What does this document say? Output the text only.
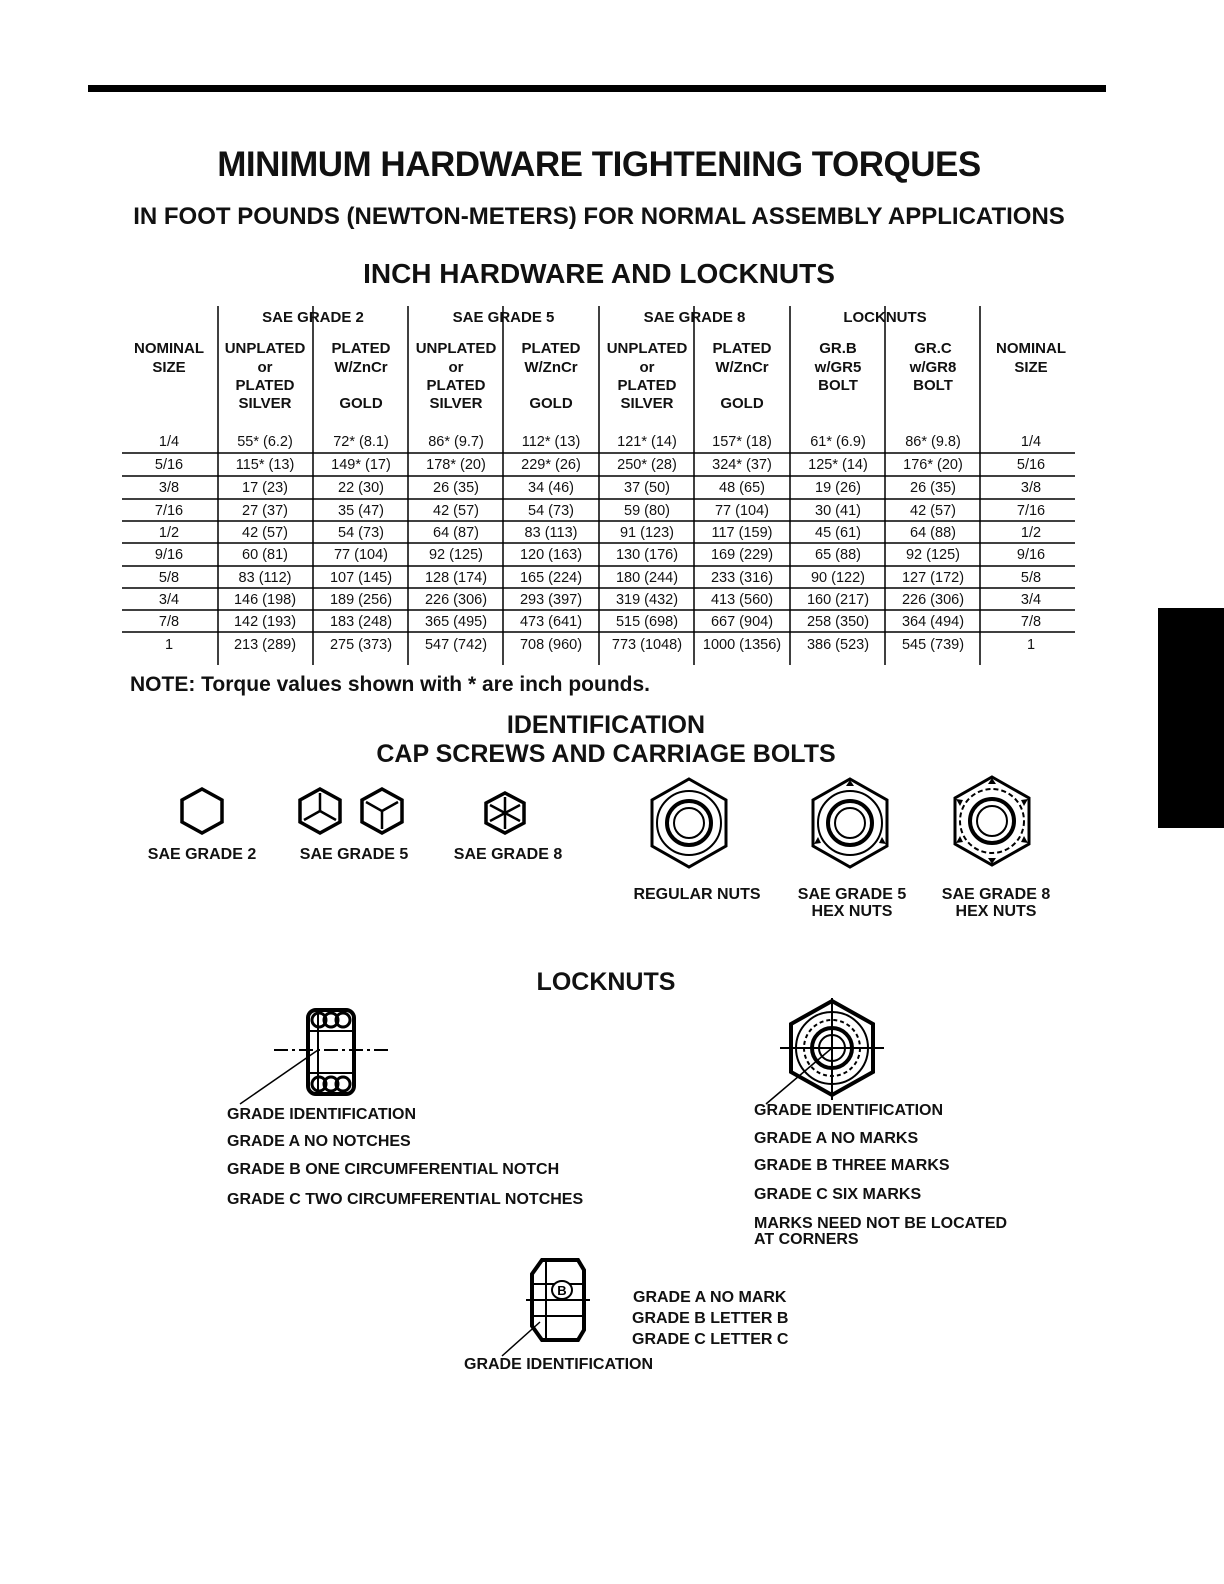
MINIMUM HARDWARE TIGHTENING TORQUES
IN FOOT POUNDS (NEWTON-METERS) FOR NORMAL ASSEMBLY APPLICATIONS
INCH HARDWARE AND LOCKNUTS
SAE GRADE 2	SAE GRADE 5	SAE GRADE 8	LOCKNUTS
NOMINAL
SIZE
UNPLATED
or
PLATED
SILVER
PLATED
W/ZnCr
GOLD
UNPLATED
or
PLATED
SILVER
PLATED
W/ZnCr
GOLD
UNPLATED
or
PLATED
SILVER
PLATED
W/ZnCr
GOLD
GR.B
w/GR5
BOLT
GR.C
w/GR8
BOLT
NOMINAL
SIZE
1/4	55* (6.2)	72* (8.1)	86* (9.7)	112* (13)	121* (14) 157* (18)	61* (6.9)	86* (9.8)	1/4
5/16	115* (13)	149* (17) 178* (20) 229* (26)	250* (28) 324* (37)	125* (14) 176* (20)	5/16
3/8	17 (23)	22 (30)	26 (35)	34 (46)	37 (50)	48 (65)	19 (26)	26 (35)	3/8
7/16	27 (37)	35 (47)	42 (57)	54 (73)	59 (80)	77 (104)	30 (41)	42 (57)	7/16
1/2	42 (57)	54 (73)	64 (87)	83 (113)	91 (123)	117 (159)	45 (61)	64 (88)	1/2
9/16	60 (81)	77 (104)	92 (125)	120 (163) 130 (176) 169 (229)	65 (88)	92 (125)	9/16
5/8	83 (112)	107 (145) 128 (174) 165 (224) 180 (244) 233 (316)	90 (122)	127 (172)	5/8
3/4	146 (198) 189 (256) 226 (306) 293 (397) 319 (432) 413 (560) 160 (217) 226 (306)	3/4
7/8	142 (193) 183 (248) 365 (495) 473 (641) 515 (698) 667 (904) 258 (350) 364 (494)	7/8
1	213 (289) 275 (373) 547 (742) 708 (960) 773 (1048) 1000 (1356) 386 (523) 545 (739)	1
NOTE: Torque values shown with * are inch pounds.
IDENTIFICATION
CAP SCREWS AND CARRIAGE BOLTS
SAE GRADE 2	SAE GRADE 5	SAE GRADE 8
REGULAR NUTS	SAE GRADE 5
HEX NUTS
SAE GRADE 8
HEX NUTS
LOCKNUTS
GRADE IDENTIFICATION
GRADE A NO NOTCHES
GRADE B ONE CIRCUMFERENTIAL NOTCH
GRADE C TWO CIRCUMFERENTIAL NOTCHES
GRADE IDENTIFICATION
GRADE A NO MARKS
GRADE B THREE MARKS
GRADE C SIX MARKS
MARKS NEED NOT BE LOCATED
AT CORNERS
B	GRADE A NO MARK
GRADE B LETTER B
GRADE C LETTER C
GRADE IDENTIFICATION
